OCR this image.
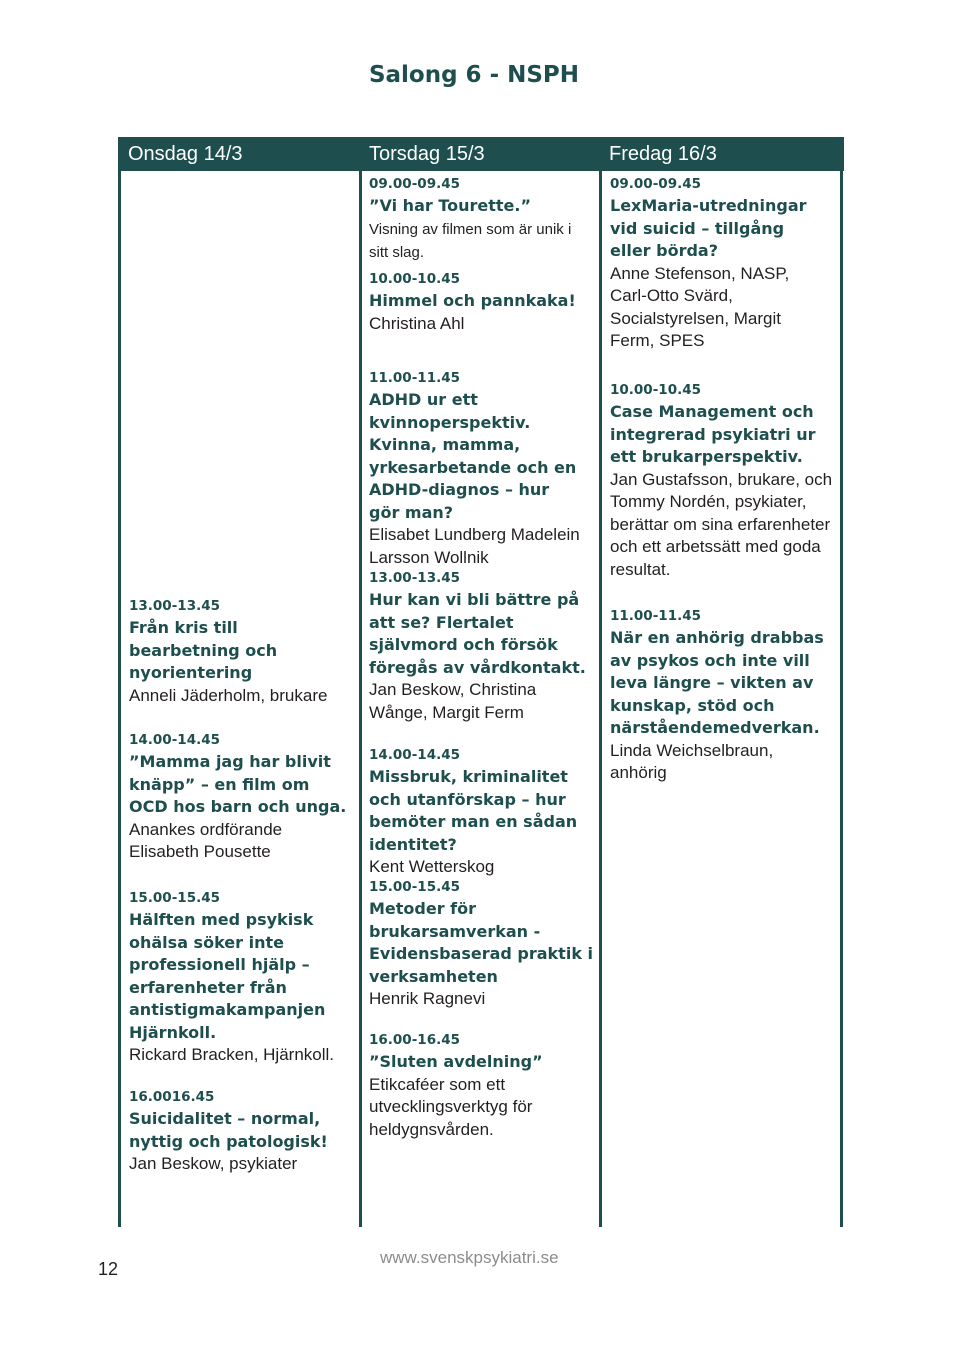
Salong 6 - NSPH
Onsdag 14/3	Torsdag 15/3	Fredag 16/3
13.00-13.45
Från kris till bearbetning och nyorientering
Anneli Jäderholm, brukare
14.00-14.45
”Mamma jag har blivit knäpp” – en film om OCD hos barn och unga.
Anankes ordförande Elisabeth Pousette
15.00-15.45
Hälften med psykisk ohälsa söker inte professionell hjälp – erfarenheter från antistigmakampanjen Hjärnkoll.
Rickard Bracken, Hjärnkoll.
16.0016.45
Suicidalitet – normal, nyttig och patologisk!
Jan Beskow, psykiater
09.00-09.45
”Vi har Tourette.”
Visning av filmen som är unik i sitt slag.
10.00-10.45
Himmel och pannkaka!
Christina Ahl
11.00-11.45
ADHD ur ett kvinnoperspektiv. Kvinna, mamma, yrkesarbetande och en ADHD-diagnos – hur gör man?
Elisabet Lundberg Madelein Larsson Wollnik
13.00-13.45
Hur kan vi bli bättre på att se? Flertalet självmord och försök föregås av vårdkontakt.
Jan Beskow, Christina Wånge, Margit Ferm
14.00-14.45
Missbruk, kriminalitet och utanförskap – hur bemöter man en sådan identitet?
Kent Wetterskog
15.00-15.45
Metoder för brukarsamverkan - Evidensbaserad praktik i verksamheten
Henrik Ragnevi
16.00-16.45
”Sluten avdelning”
Etikcaféer som ett utvecklingsverktyg för heldygnsvården.
09.00-09.45
LexMaria-utredningar vid suicid – tillgång eller börda?
Anne Stefenson, NASP, Carl-Otto Svärd, Socialstyrelsen, Margit Ferm, SPES
10.00-10.45
Case Management och integrerad psykiatri ur ett brukarperspektiv.
Jan Gustafsson, brukare, och Tommy Nordén, psykiater, berättar om sina erfarenheter och ett arbetssätt med goda resultat.
11.00-11.45
När en anhörig drabbas av psykos och inte vill leva längre – vikten av kunskap, stöd och närståendemedverkan.
Linda Weichselbraun, anhörig
12
www.svenskpsykiatri.se
